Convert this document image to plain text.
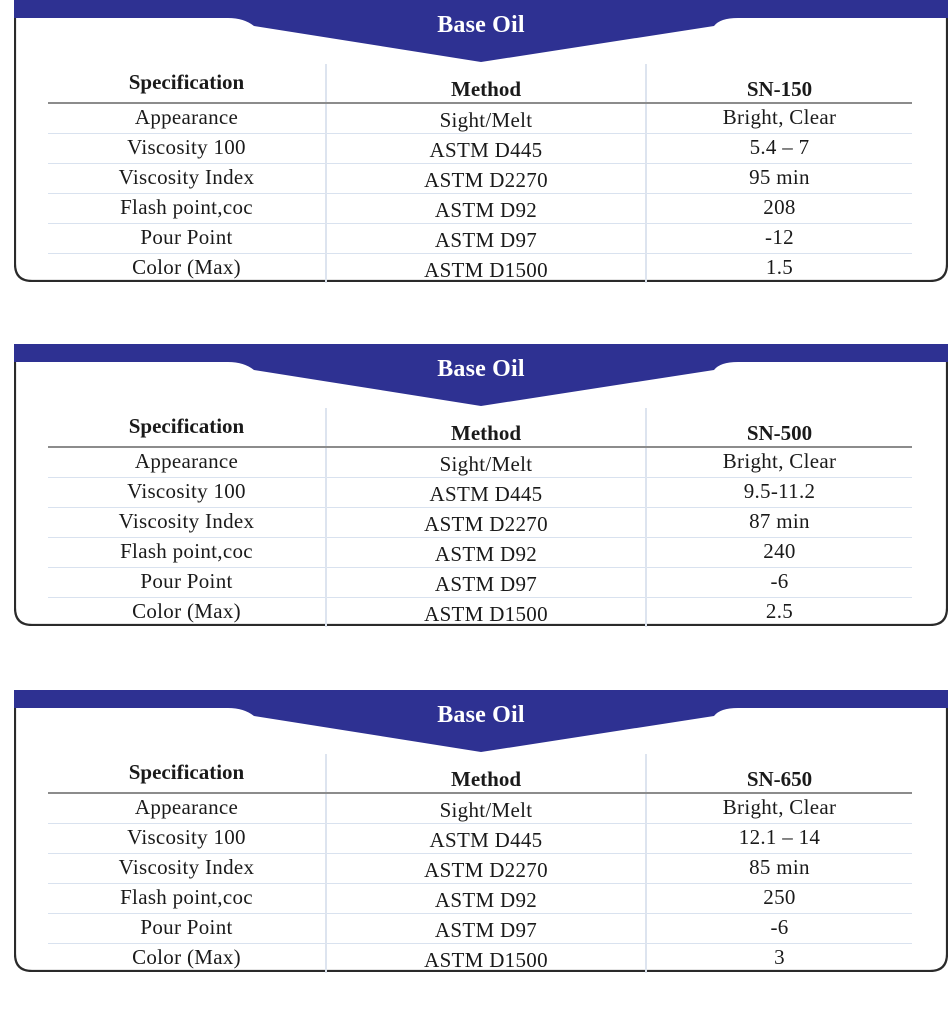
Base Oil
Specification	Method	SN-150
Appearance	Sight/Melt	Bright, Clear
Viscosity 100	ASTM D445	5.4 – 7
Viscosity Index	ASTM D2270	95 min
Flash point,coc	ASTM D92	208
Pour Point	ASTM D97	-12
Color (Max)	ASTM D1500	1.5
Base Oil
Specification	Method	SN-500
Appearance	Sight/Melt	Bright, Clear
Viscosity 100	ASTM D445	9.5-11.2
Viscosity Index	ASTM D2270	87 min
Flash point,coc	ASTM D92	240
Pour Point	ASTM D97	-6
Color (Max)	ASTM D1500	2.5
Base Oil
Specification	Method	SN-650
Appearance	Sight/Melt	Bright, Clear
Viscosity 100	ASTM D445	12.1 – 14
Viscosity Index	ASTM D2270	85 min
Flash point,coc	ASTM D92	250
Pour Point	ASTM D97	-6
Color (Max)	ASTM D1500	3
